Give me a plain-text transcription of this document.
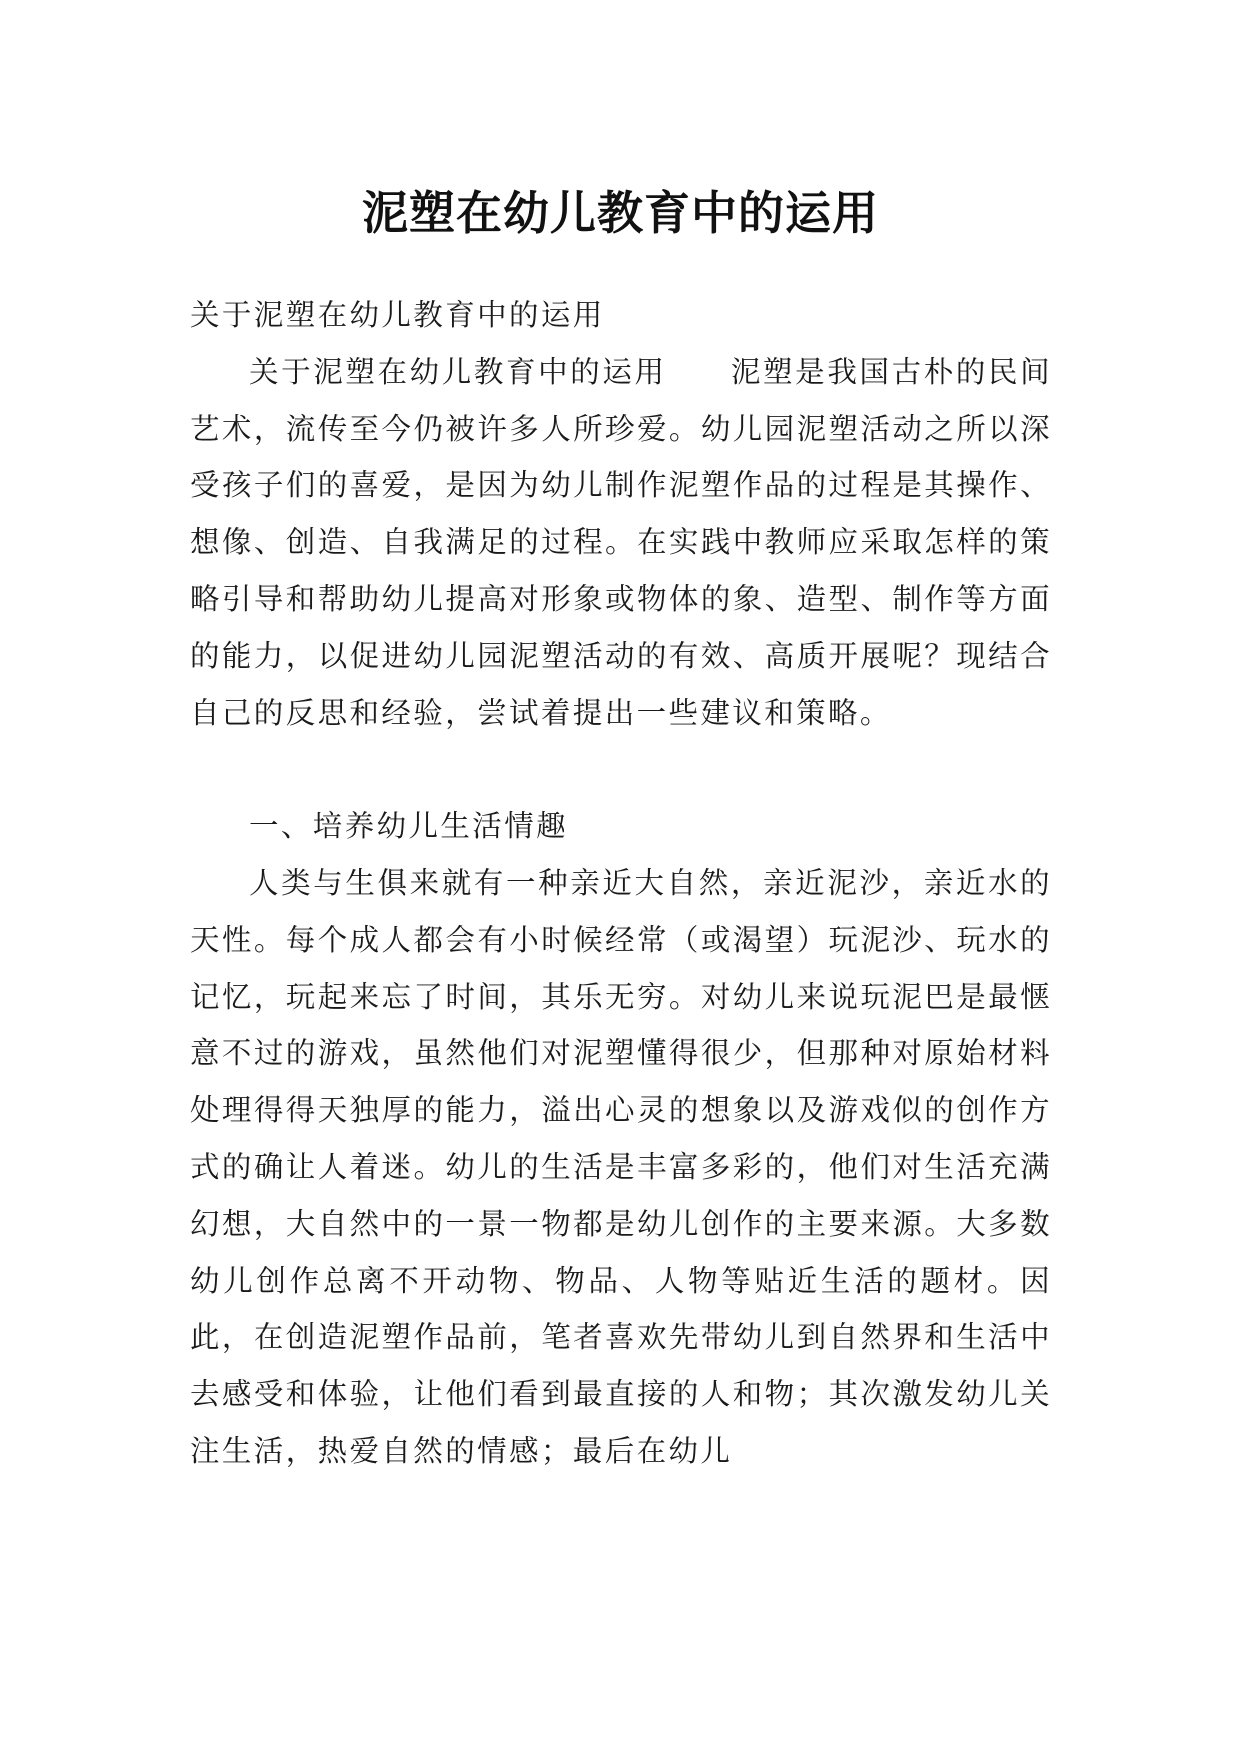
泥塑在幼儿教育中的运用

关于泥塑在幼儿教育中的运用

关于泥塑在幼儿教育中的运用　　泥塑是我国古朴的民间艺术，流传至今仍被许多人所珍爱。幼儿园泥塑活动之所以深受孩子们的喜爱，是因为幼儿制作泥塑作品的过程是其操作、想像、创造、自我满足的过程。在实践中教师应采取怎样的策略引导和帮助幼儿提高对形象或物体的象、造型、制作等方面的能力，以促进幼儿园泥塑活动的有效、高质开展呢？现结合自己的反思和经验，尝试着提出一些建议和策略。

一、培养幼儿生活情趣

人类与生俱来就有一种亲近大自然，亲近泥沙，亲近水的天性。每个成人都会有小时候经常（或渴望）玩泥沙、玩水的记忆，玩起来忘了时间，其乐无穷。对幼儿来说玩泥巴是最惬意不过的游戏，虽然他们对泥塑懂得很少，但那种对原始材料处理得得天独厚的能力，溢出心灵的想象以及游戏似的创作方式的确让人着迷。幼儿的生活是丰富多彩的，他们对生活充满幻想，大自然中的一景一物都是幼儿创作的主要来源。大多数幼儿创作总离不开动物、物品、人物等贴近生活的题材。因此，在创造泥塑作品前，笔者喜欢先带幼儿到自然界和生活中去感受和体验，让他们看到最直接的人和物；其次激发幼儿关注生活，热爱自然的情感；最后在幼儿
